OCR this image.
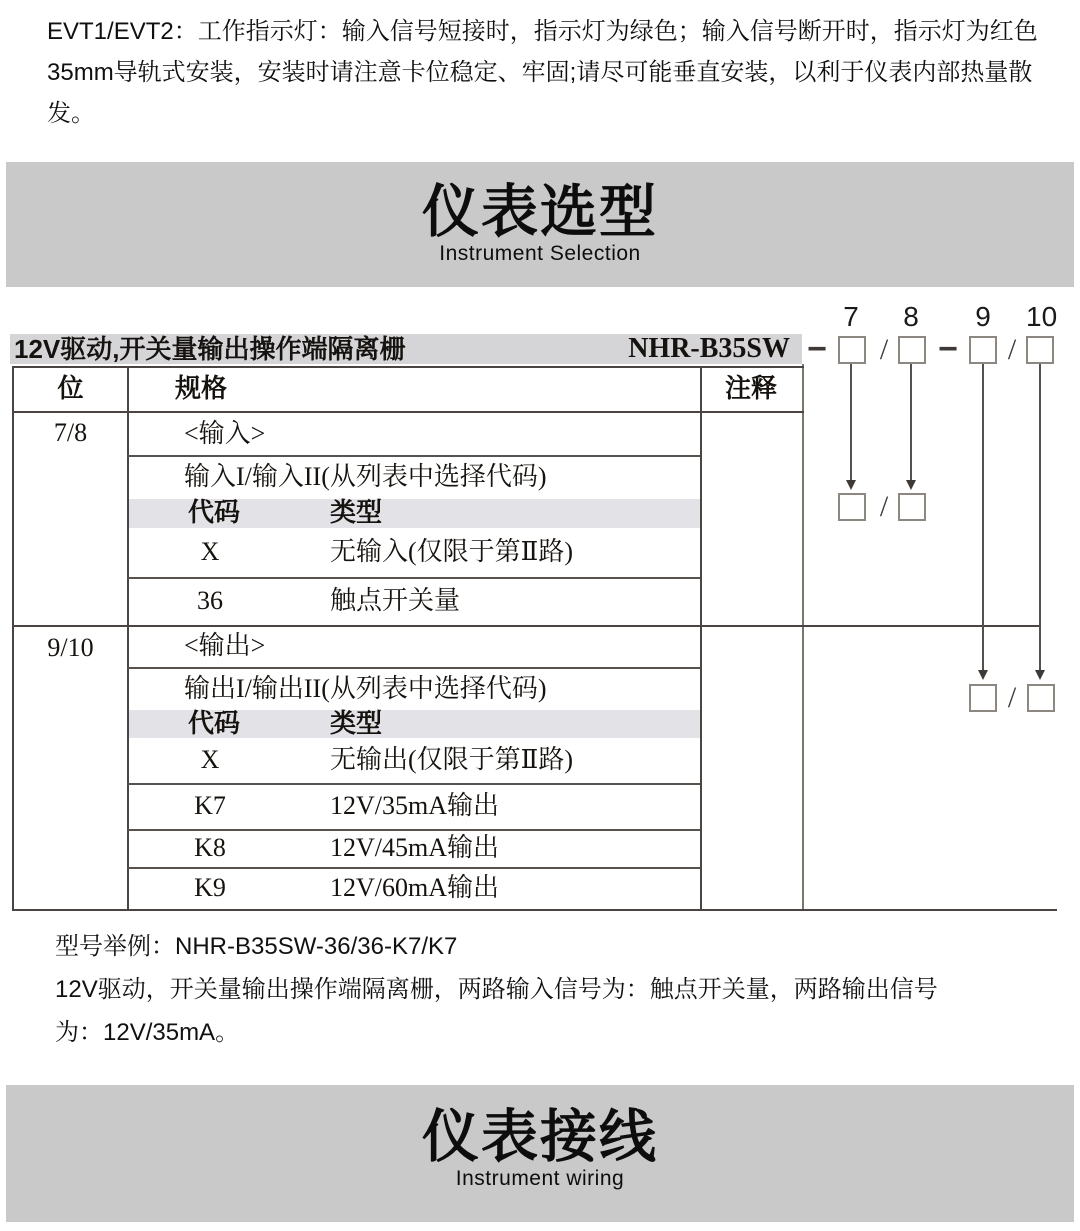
EVT1/EVT2：工作指示灯：输入信号短接时，指示灯为绿色；输入信号断开时，指示灯为红色
35mm导轨式安装，安装时请注意卡位稳定、牢固;请尽可能垂直安装，以利于仪表内部热量散发。
仪表选型
Instrument Selection
12V驱动,开关量输出操作端隔离栅	NHR-B35SW
位	规格	注释
7/8	<输入>
输入I/输入II(从列表中选择代码)
代码	类型
X	无输入(仅限于第Ⅱ路)
36	触点开关量
9/10	<输出>
输出I/输出II(从列表中选择代码)
代码	类型
X	无输出(仅限于第Ⅱ路)
K7	12V/35mA输出
K8	12V/45mA输出
K9	12V/60mA输出
7 8 9 10
− / − /
/
/
型号举例：NHR-B35SW-36/36-K7/K7
12V驱动，开关量输出操作端隔离栅，两路输入信号为：触点开关量，两路输出信号
为：12V/35mA。
仪表接线
Instrument wiring
